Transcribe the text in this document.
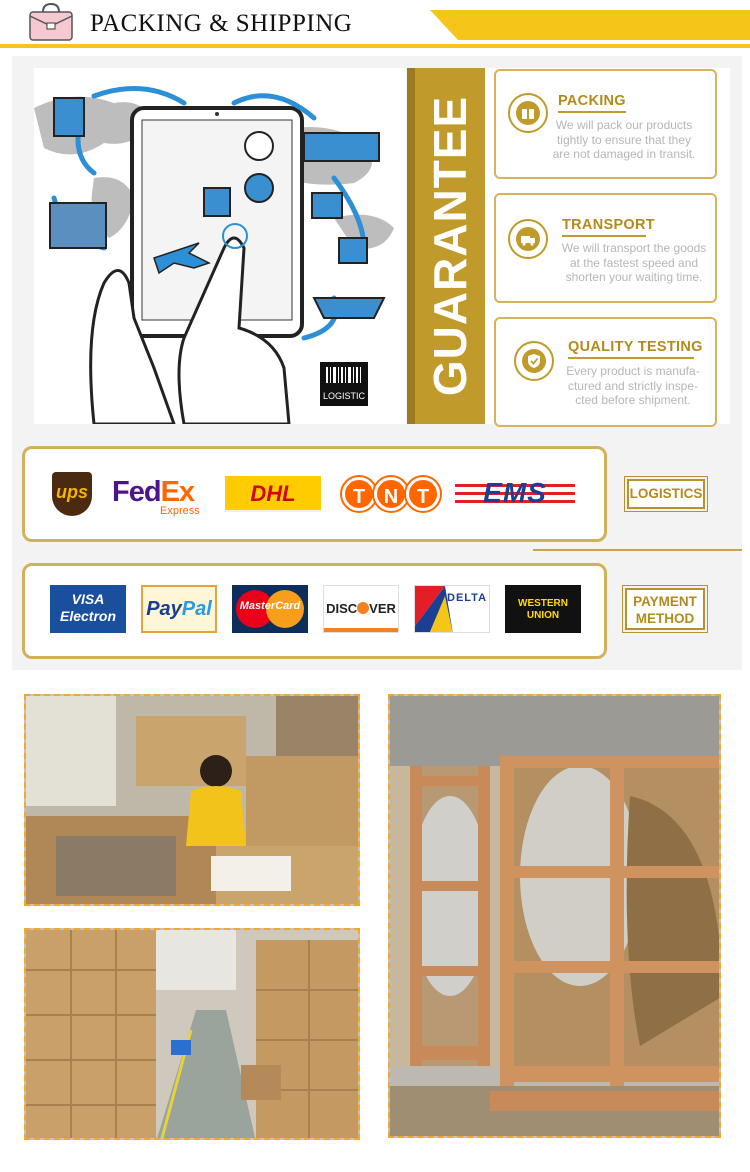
PACKING & SHIPPING
LOGISTIC GUARANTEE	PACKING
We will pack our products
tightly to ensure that they
are not damaged in transit.
TRANSPORT
We will transport the goods
at the fastest speed and
shorten your waiting time.
QUALITY TESTING
Every product is manufa-
ctured and strictly inspe-
cted before shipment.
ups FedEx
Express
DHL	T N T	EMS	LOGISTICS
VISA
Electron	PayPal	MasterCard	DISC VER
DELTA	WESTERN
UNION
PAYMENT
METHOD
